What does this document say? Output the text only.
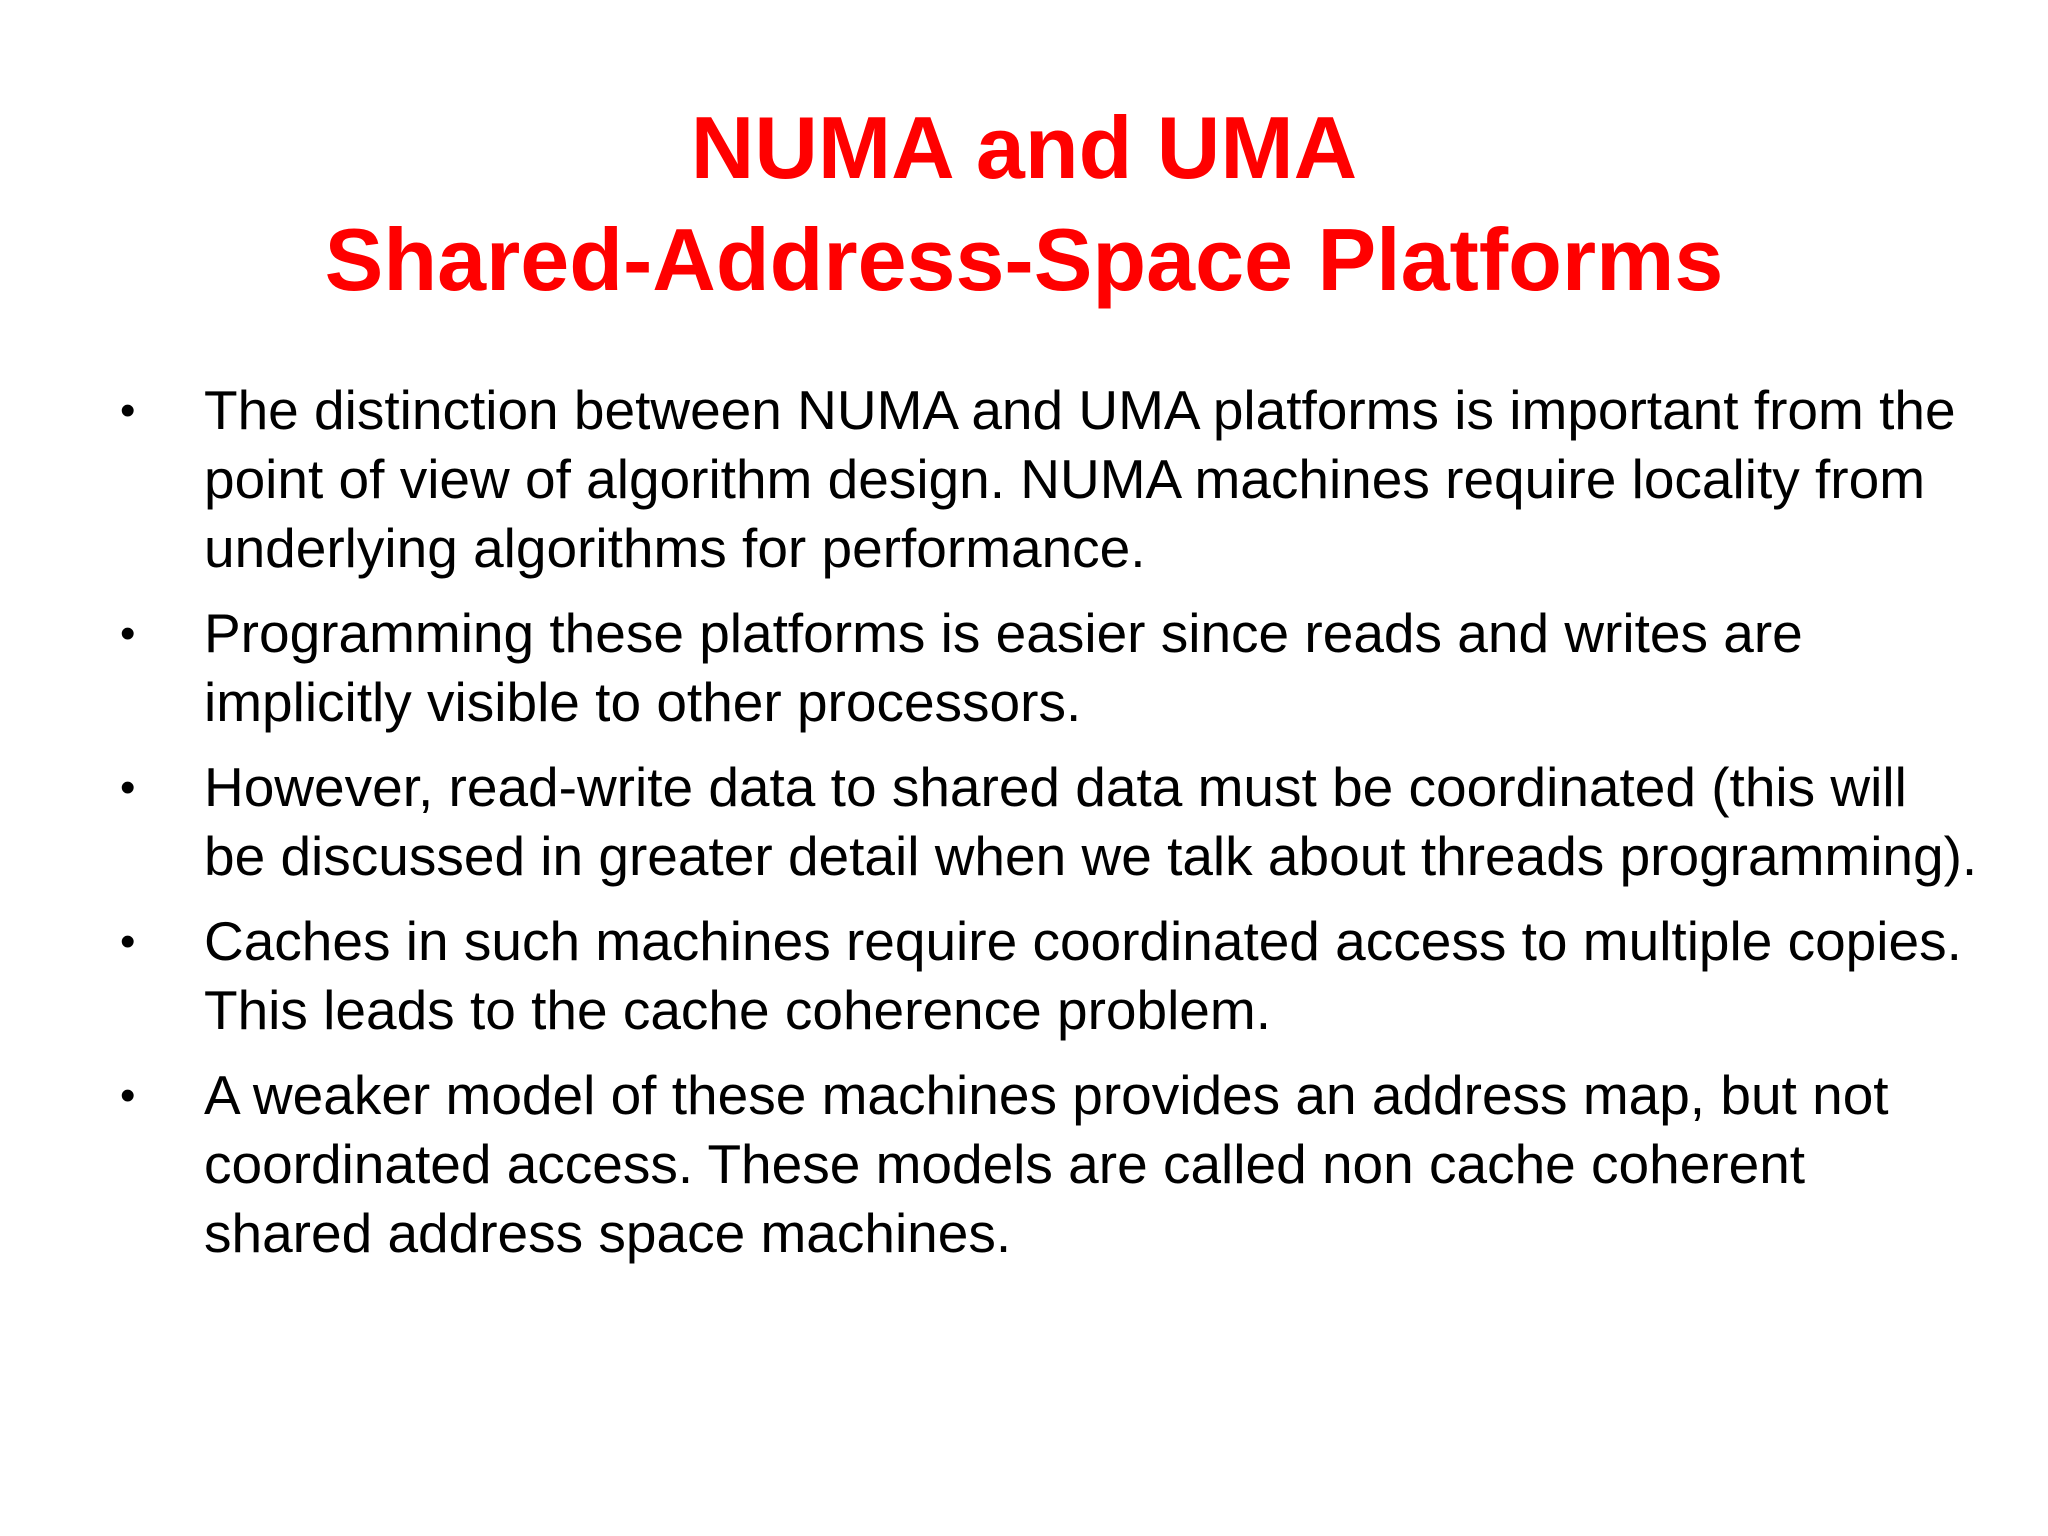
NUMA and UMA
Shared-Address-Space Platforms
• The distinction between NUMA and UMA platforms is important from the point of view of algorithm design. NUMA machines require locality from underlying algorithms for performance.
• Programming these platforms is easier since reads and writes are implicitly visible to other processors.
• However, read-write data to shared data must be coordinated (this will be discussed in greater detail when we talk about threads programming).
• Caches in such machines require coordinated access to multiple copies. This leads to the cache coherence problem.
• A weaker model of these machines provides an address map, but not coordinated access. These models are called non cache coherent shared address space machines.
